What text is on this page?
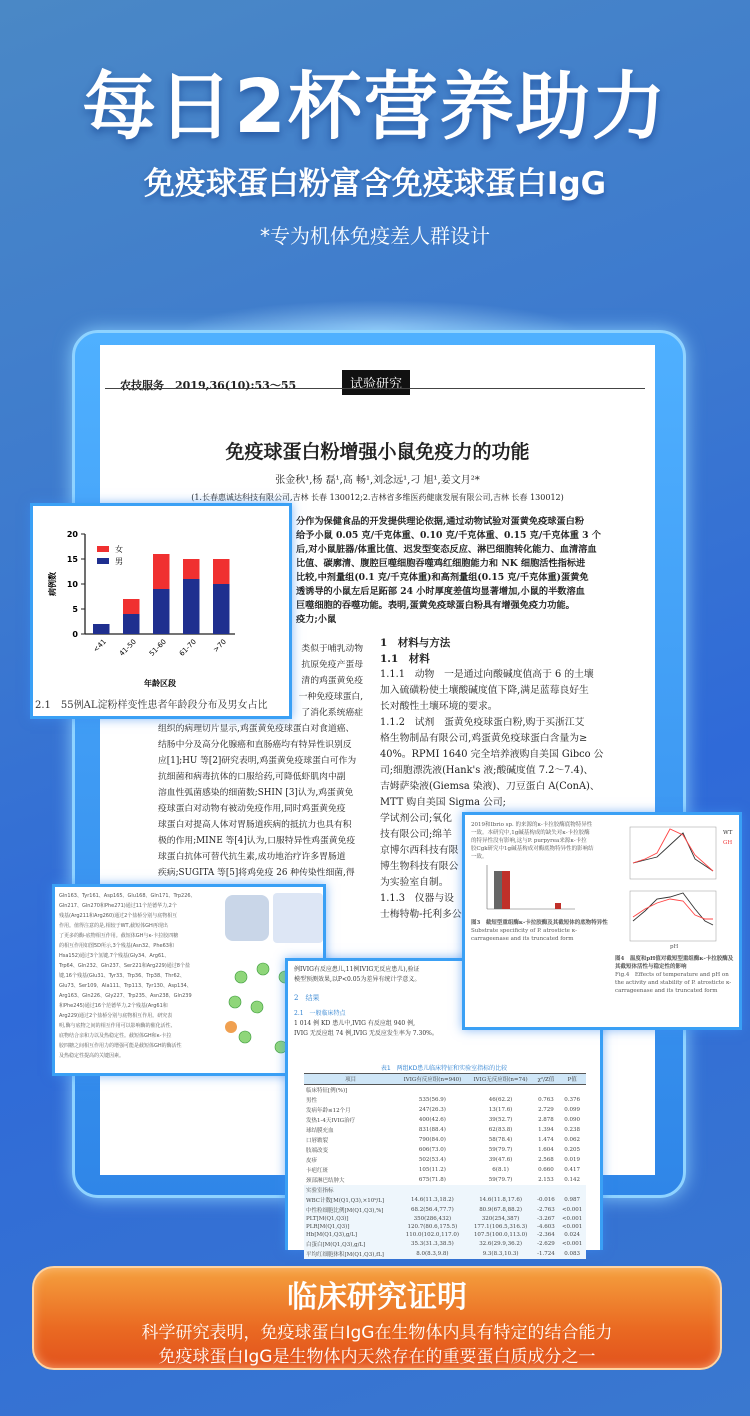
每日2杯营养助力
免疫球蛋白粉富含免疫球蛋白IgG
*专为机体免疫差人群设计
农技服务　2019,36(10):53～55	试验研究
免疫球蛋白粉增强小鼠免疫力的功能
张金秋¹,杨 磊¹,高 畅¹,刘念远¹,刁 旭¹,姜文月²*
(1.长春惠诚达科技有限公司,吉林 长春 130012;2.吉林省多维医药健康发展有限公司,吉林 长春 130012)
分作为保健食品的开发提供理论依据,通过动物试验对蛋黄免疫球蛋白粉
给予小鼠 0.05 克/千克体重、0.10 克/千克体重、0.15 克/千克体重 3 个
后,对小鼠脏器/体重比值、迟发型变态反应、淋巴细胞转化能力、血清溶血
比值、碳廓清、腹腔巨噬细胞吞噬鸡红细胞能力和 NK 细胞活性指标进
比较,中剂量组(0.1 克/千克体重)和高剂量组(0.15 克/千克体重)蛋黄免
透诱导的小鼠左后足跖部 24 小时厚度差值均显著增加,小鼠的半数溶血
巨噬细胞的吞噬功能。表明,蛋黄免疫球蛋白粉具有增强免疫力功能。
疫力;小鼠
类似于哺乳动物
抗原免疫产蛋母
清的鸡蛋黄免疫
一种免疫球蛋白,
了消化系统癌症
组织的病理切片显示,鸡蛋黄免疫球蛋白对食道癌、
结肠中分及高分化腺癌和直肠癌均有特异性识别反
应[1];HU 等[2]研究表明,鸡蛋黄免疫球蛋白可作为
抗细菌和病毒抗体的口服给药,可降低虾肌肉中副
溶血性弧菌感染的细菌数;SHIN [3]认为,鸡蛋黄免
疫球蛋白对动物有被动免疫作用,同时鸡蛋黄免疫
球蛋白对提高人体对胃肠道疾病的抵抗力也具有积
极的作用;MINE 等[4]认为,口服特异性鸡蛋黄免疫
球蛋白抗体可替代抗生素,成功地治疗许多胃肠道
疾病;SUGITA 等[5]将鸡免疫 26 种传染性细菌,得
1　材料与方法
1.1　材料
1.1.1　动物　一是通过向酸碱度值高于 6 的土壤
加入硫磺粉使土壤酸碱度值下降,满足蓝莓良好生
长对酸性土壤环境的要求。
1.1.2　试剂　蛋黄免疫球蛋白粉,购于买浙江艾
格生物制品有限公司,鸡蛋黄免疫球蛋白含量为≥
40%。RPMI 1640 完全培养液购自美国 Gibco 公
司;细胞漂洗液(Hank's 液;酸碱度值 7.2～7.4)、
吉姆萨染液(Giemsa 染液)、刀豆蛋白 A(ConA)、
MTT 购自美国 Sigma 公司;
学试剂公司;氧化
技有限公司;绵羊
京博尔西科技有限
博生物科技有限公
为实验室自制。
1.1.3　仪器与设
士梅特勒-托利多公
0
5
10
15
20
<41 41-50 51-60 61-70 >70
年龄区段
病例数
女
男
2.1　55例AL淀粉样变性患者年龄段分布及男女占比
2019和Ibrio sp. 的来源的κ-卡拉胶酶底物特异性
一致。本研究中,1g碱基构成的缺失对κ-卡拉胶酶
的特异性没有影响,这与P. purpyrea来源κ-卡拉
胶Cgk研究中1g碱基构成对酶底物特异性的影响结
一致。
图3　截短型重组酶κ-卡拉胶酶及其截短体的底物特异性
Substrate specificity of P. atrosticte κ-carrageenase and its truncated form
WT
GH
pH
图4　温度和pH值对截短型重组酶κ-卡拉胶酶及其截短体活性与稳定性的影响
Fig.4　Effects of temperature and pH on the activity and stability of P. atrosticte κ-carrageenase and its truncated form
Gln163、Tyr161、Asp165、Glu168、Gln171、Trp226、
Gln217、Gln270和Phe271)通过11个范德华力,2个
残基(Arg211和Arg260)通过2个盐桥分别与底物相互
作用。值得注意的是,相较于WT,截短体GH再现出
了更多的酶-底物相互作用。截短体GH与κ-卡拉胶四糖
的相互作用如图5D所示,3个残基(Asn32、Phe63和
Hsa152)通过3个氢键,7个残基(Gly34、Arg61、
Trp64、Gln232、Gln237、Ser221和Arg229)通过8个盐
键,16个残基(Glu31、Tyr33、Trp36、Trp38、Thr62、
Glu73、Ser109、Ala111、Trp113、Tyr130、Asp134、
Arg163、Gln226、Gly227、Trp235、Asn238、Gln239
和Phe245)通过16个范德华力,2个残基(Arg61和
Arg229)通过2个盐桥分别与底物相互作用。研究表
明,酶与底物之间的相互作用可以影响酶的催化活性、
底物结合亲和力以及热稳定性。截短体GH和κ-卡拉
胶四糖之间相互作用力的增强可能是截短体GH的酶活性
及热稳定性提高的关键因素。
例IVIG有反应患儿,11例IVIG无反应患儿),验证
模型预测效果,以P<0.05为差异有统计学意义。
2　结果
2.1　一般临床特点
1 014 例 KD 患儿中,IVIG 有反应组 940 例,
IVIG 无反应组 74 例,IVIG 无反应发生率为 7.30%。
表1　两组KD患儿临床特征和实验室指标的比较
项目	IVIG有反应组(n=940)	IVIG无反应组(n=74)	χ²/Z值	P值
临床特征[例(%)]				
男性	535(56.9)	46(62.2)	0.763	0.376
发病年龄≤12个月	247(26.3)	13(17.6)	2.729	0.099
发热1-4天IVIG治疗	400(42.6)	39(52.7)	2.878	0.090
球结膜充血	831(88.4)	62(83.8)	1.394	0.238
口唇皲裂	790(84.0)	58(78.4)	1.474	0.062
肢端改变	606(73.0)	59(79.7)	1.604	0.205
皮疹	502(53.4)	39(47.6)	2.568	0.019
卡疤红斑	105(11.2)	6(8.1)	0.660	0.417
颈部淋巴结肿大	675(71.8)	59(79.7)	2.153	0.142
实验室指标				
WBC计数[M(Q1,Q3),×10⁹/L]	14.6(11.3,18.2)	14.6(11.8,17.6)	-0.016	0.987
中性粒细胞比例[M(Q1,Q3),%]	68.2(56.4,77.7)	80.9(67.8,88.2)	-2.763	<0.001
PLT[M(Q1,Q3)]	350(286,432)	320(254,387)	-3.267	<0.001
PLR[M(Q1,Q3)]	120.7(80.6,175.5)	177.1(106.5,316.3)	-4.603	<0.001
Hb[M(Q1,Q3),g/L]	110.0(102.0,117.0)	107.5(100.0,113.0)	-2.364	0.024
白蛋白[M(Q1,Q3),g/L]	35.3(31.3,38.5)	32.6(29.9,36.2)	-2.629	<0.001
平均红细胞体积[M(Q1,Q3),fL]	8.0(8.3,9.8)	9.3(8.3,10.3)	-1.724	0.083
临床研究证明
科学研究表明，免疫球蛋白IgG在生物体内具有特定的结合能力
免疫球蛋白IgG是生物体内天然存在的重要蛋白质成分之一
